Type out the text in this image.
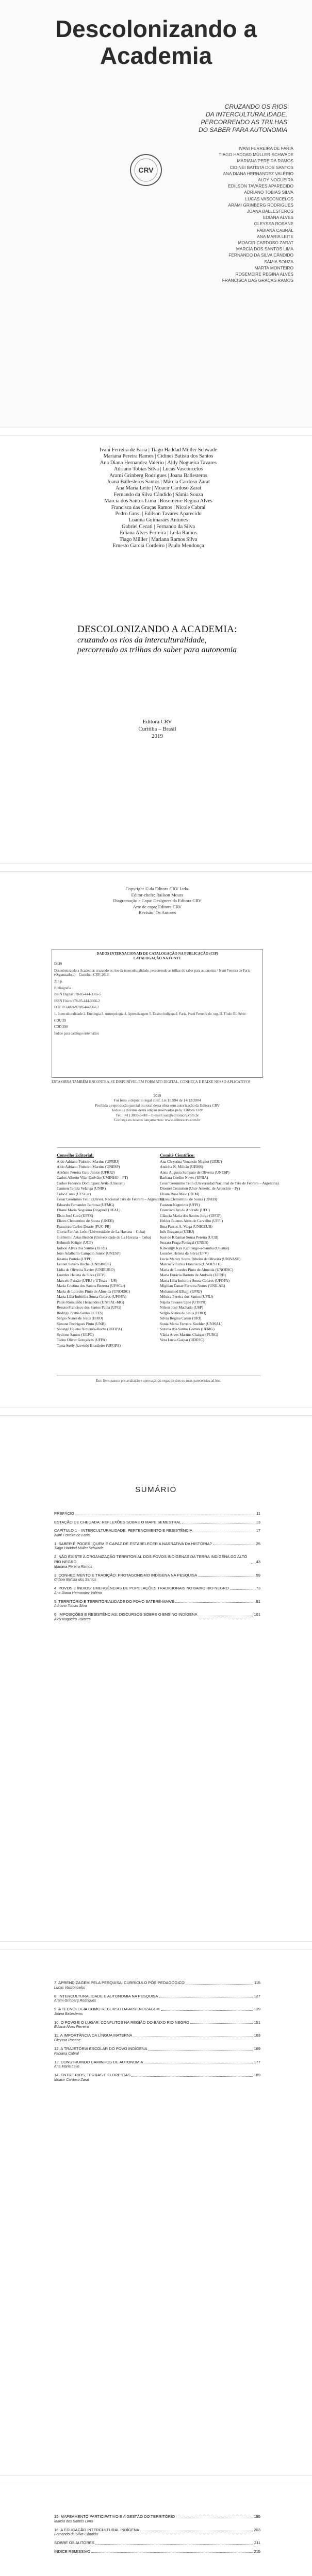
Descolonizando a
Academia
CRUZANDO OS RIOS
DA INTERCULTURALIDADE,
PERCORRENDO AS TRILHAS
DO SABER PARA AUTONOMIA
CRV
IVANI FERREIRA DE FARIA
TIAGO HADDAD MÜLLER SCHWADE
MARIANA PEREIRA RAMOS
CIDINEI BATISTA DOS SANTOS
ANA DIANA HERNANDEZ VALÉRIO
ALDY NOGUEIRA
EDILSON TAVARES APARECIDO
ADRIANO TOBIAS SILVA
LUCAS VASCONCELOS
ARAMI GRINBERG RODRIGUES
JOANA BALLESTEROS
EDIANA ALVES
GLEYSSA ROSANE
FABIANA CABRAL
ANA MARIA LEITE
MOACIR CARDOSO ZARAT
MARCIA DOS SANTOS LIMA
FERNANDO DA SILVA CÂNDIDO
SÂMIA SOUZA
MARTA MONTEIRO
ROSEMEIRE REGINA ALVES
FRANCISCA DAS GRAÇAS RAMOS
Ivani Ferreira de Faria | Tiago Haddad Müller Schwade
Mariana Pereira Ramos | Cidinei Batista dos Santos
Ana Diana Hernandez Valério | Aldy Nogueira Tavares
Adriano Tobias Silva | Lucas Vasconcelos
Arami Grinberg Rodrigues | Joana Ballesteros
Joana Ballesteros Santos | Márcia Cardoso Zarat
Ana Maria Leite | Moacir Cardoso Zarat
Fernando da Silva Cândido | Sâmia Souza
Marcia dos Santos Lima | Rosemeire Regina Alves
Francisca das Graças Ramos | Nicole Cabral
Pedro Grosi | Edilson Tavares Aparecido
Luanna Guimarães Antunes
Gabriel Cecati | Fernando da Silva
Ediana Alves Ferreira | Leila Ramos
Tiago Müller | Mariana Ramos Silva
Ernesto Garcia Cordeiro | Paulo Mendonça
DESCOLONIZANDO A ACADEMIA:
cruzando os rios da interculturalidade, percorrendo as trilhas do saber para autonomia
Editora CRV
Curitiba – Brasil
2019
Copyright © da Editora CRV Ltda.
Editor-chefe: Railson Moura
Diagramação e Capa: Designers da Editora CRV
Arte de capa: Editora CRV
Revisão: Os Autores
DADOS INTERNACIONAIS DE CATALOGAÇÃO NA PUBLICAÇÃO (CIP)
CATALOGAÇÃO NA FONTE
D449
Descolonizando a Academia: cruzando os rios da interculturalidade, percorrendo as trilhas do saber para autonomia / Ivani Ferreira de Faria (Organizadora) – Curitiba : CRV, 2019.
216 p.
Bibliografia
ISBN Digital 978-85-444-3365-5
ISBN Físico 978-85-444-3366-2
DOI 10.24824/978854443366.2
1. Interculturalidade 2. Etnologia 3. Antropologia 4. Aprendizagem 5. Ensino indígena I. Faria, Ivani Ferreira de. org. II. Título III. Série.
CDU 39
CDD 390
Índice para catálogo sistemático
ESTA OBRA TAMBÉM ENCONTRA-SE DISPONÍVEL EM FORMATO DIGITAL. CONHEÇA E BAIXE NOSSO APLICATIVO!
2019
Foi feito o depósito legal conf. Lei 10.994 de 14/12/2004
Proibida a reprodução parcial ou total desta obra sem autorização da Editora CRV
Todos os direitos desta edição reservados pela: Editora CRV
Tel.: (41) 3039-6418 – E-mail: sac@editoracrv.com.br
Conheça os nossos lançamentos: www.editoracrv.com.br
Conselho Editorial:
Aldo Adriano Pinheiro Martins (UFRRJ)
Aldo Adriano Pinheiro Martins (UNESP)
Antônio Pereira Gaio Júnior (UFRRJ)
Carlos Alberto Vilar Estêvão (UMINHO – PT)
Carlos Federico Dominguez Avila (Unieuro)
Carmen Tereza Velanga (UNIR)
Celso Conti (UFSCar)
Cesar Gerónimo Tello (Univer. Nacional Três de Febrero – Argentina)
Eduardo Fernandes Barbosa (UFMG)
Elione Maria Nogueira Diogenes (UFAL)
Élsio José Corá (UFFS)
Elizeu Clementino de Souza (UNEB)
Francisco Carlos Duarte (PUC-PR)
Gloria Fariñas León (Universidade de La Havana – Cuba)
Guillermo Arias Beatón (Universidade de La Havana – Cuba)
Helmuth Krüger (UCP)
Jailson Alves dos Santos (UFRJ)
João Adalberto Campato Junior (UNESP)
Josania Portela (UFPI)
Leonel Severo Rocha (UNISINOS)
Lídia de Oliveira Xavier (UNIEURO)
Lourdes Helena da Silva (UFV)
Marcelo Paixão (UFRJ e UTexas – US)
Maria Cristina dos Santos Bezerra (UFSCar)
Maria de Lourdes Pinto de Almeida (UNOESC)
Maria Lília Imbiriba Sousa Colares (UFOPA)
Paulo Romualdo Hernandes (UNIFAL-MG)
Renato Francisco dos Santos Paula (UFG)
Rodrigo Pratte-Santos (UFES)
Sérgio Nunes de Jesus (IFRO)
Simone Rodrigues Pinto (UNB)
Solange Helena Ximenes-Rocha (UFOPA)
Sydione Santos (UEPG)
Tadeu Oliver Gonçalves (UFPA)
Tania Suely Azevedo Brasileiro (UFOPA)
Comitê Científico:
Ana Chrystina Venancio Mignot (UERJ)
Andréia N. Militão (UEMS)
Anna Augusta Sampaio de Oliveira (UNESP)
Barbara Coelho Neves (UFBA)
Cesar Gerónimo Tello (Universidad Nacional de Três de Febrero – Argentina)
Diosnel Centurion (Univ Americ. de Asunción – Py)
Eliane Rose Maio (UEM)
Elizeu Clementino de Souza (UNEB)
Fauston Negreiros (UFPI)
Francisco Ari de Andrade (UFC)
Gláucia Maria dos Santos Jorge (UFOP)
Helder Buenos Aires de Carvalho (UFPI)
Ilma Passos A. Veiga (UNICEUB)
Inês Bragança (UERJ)
José de Ribamar Sousa Pereira (UCB)
Jussara Fraga Portugal (UNEB)
Kilwangy Kya Kapitango-a-Samba (Unemat)
Lourdes Helena da Silva (UFV)
Lucia Marisy Souza Ribeiro de Oliveira (UNIVASF)
Marcos Vinicius Francisco (UNOESTE)
Maria de Lourdes Pinto de Almeida (UNOESC)
Maria Eurácia Barreto de Andrade (UFRB)
Maria Lília Imbiriba Sousa Colares (UFOPA)
Míghian Danae Ferreira Nunes (UNILAB)
Mohammed Elhajji (UFRJ)
Mônica Pereira dos Santos (UFRJ)
Najela Tavares Ujiie (UTFPR)
Nilson José Machado (USP)
Sérgio Nunes de Jesus (IFRO)
Silvia Regina Canan (URI)
Sonia Maria Ferreira Koehler (UNISAL)
Suzana dos Santos Gomes (UFMG)
Vânia Alves Martins Chaigar (FURG)
Vera Lucia Gaspar (UDESC)
Este livro passou por avaliação e aprovação às cegas de dois ou mais pareceristas ad hoc.
SUMÁRIO
PREFÁCIO	11
ESTAÇÃO DE CHEGADA: REFLEXÕES SOBRE O MAPE SEMESTRAL	13
CAPÍTULO 1 – INTERCULTURALIDADE, PERTENCIMENTO E RESISTÊNCIA	17
Ivani Ferreira de Faria
1. SABER É PODER: QUEM É CAPAZ DE ESTABELECER A NARRATIVA DA HISTÓRIA?	25
Tiago Haddad Müller Schwade
2. NÃO EXISTE A ORGANIZAÇÃO TERRITORIAL DOS POVOS INDÍGENAS DA TERRA INDÍGENA DO ALTO RIO NEGRO	43
Mariana Pereira Ramos
3. CONHECIMENTO E TRADIÇÃO: PROTAGONISMO INDÍGENA NA PESQUISA	59
Cidinei Batista dos Santos
4. POVOS E ÍNDIOS: EMERGÊNCIAS DE POPULAÇÕES TRADICIONAIS NO BAIXO RIO NEGRO	73
Ana Diana Hernandez Valério
5. TERRITÓRIO E TERRITORIALIDADE DO POVO SATERÉ-MAWÉ	91
Adriano Tobias Silva
6. IMPOSIÇÕES E RESISTÊNCIAS: DISCURSOS SOBRE O ENSINO INDÍGENA	101
Aldy Nogueira Tavares
7. APRENDIZAGEM PELA PESQUISA: CURRÍCULO PÓS-PEDAGÓGICO	115
Lucas Vasconcelos
8. INTERCULTURALIDADE E AUTONOMIA NA PESQUISA	127
Arami Grinberg Rodrigues
9. A TECNOLOGIA COMO RECURSO DA APRENDIZAGEM	139
Joana Ballesteros
10. O POVO E O LUGAR: CONFLITOS NA REGIÃO DO BAIXO RIO NEGRO	151
Ediana Alves Ferreira
11. A IMPORTÂNCIA DA LÍNGUA MATERNA	163
Gleyssa Rosane
12. A TRAJETÓRIA ESCOLAR DO POVO INDÍGENA	169
Fabiana Cabral
13. CONSTRUINDO CAMINHOS DE AUTONOMIA	177
Ana Maria Leite
14. ENTRE RIOS, TERRAS E FLORESTAS	189
Moacir Cardoso Zarat
15. MAPEAMENTO PARTICIPATIVO E A GESTÃO DO TERRITÓRIO	195
Marcia dos Santos Lima
16. A EDUCAÇÃO INTERCULTURAL INDÍGENA	203
Fernando da Silva Cândido
SOBRE OS AUTORES	211
ÍNDICE REMISSIVO	215
